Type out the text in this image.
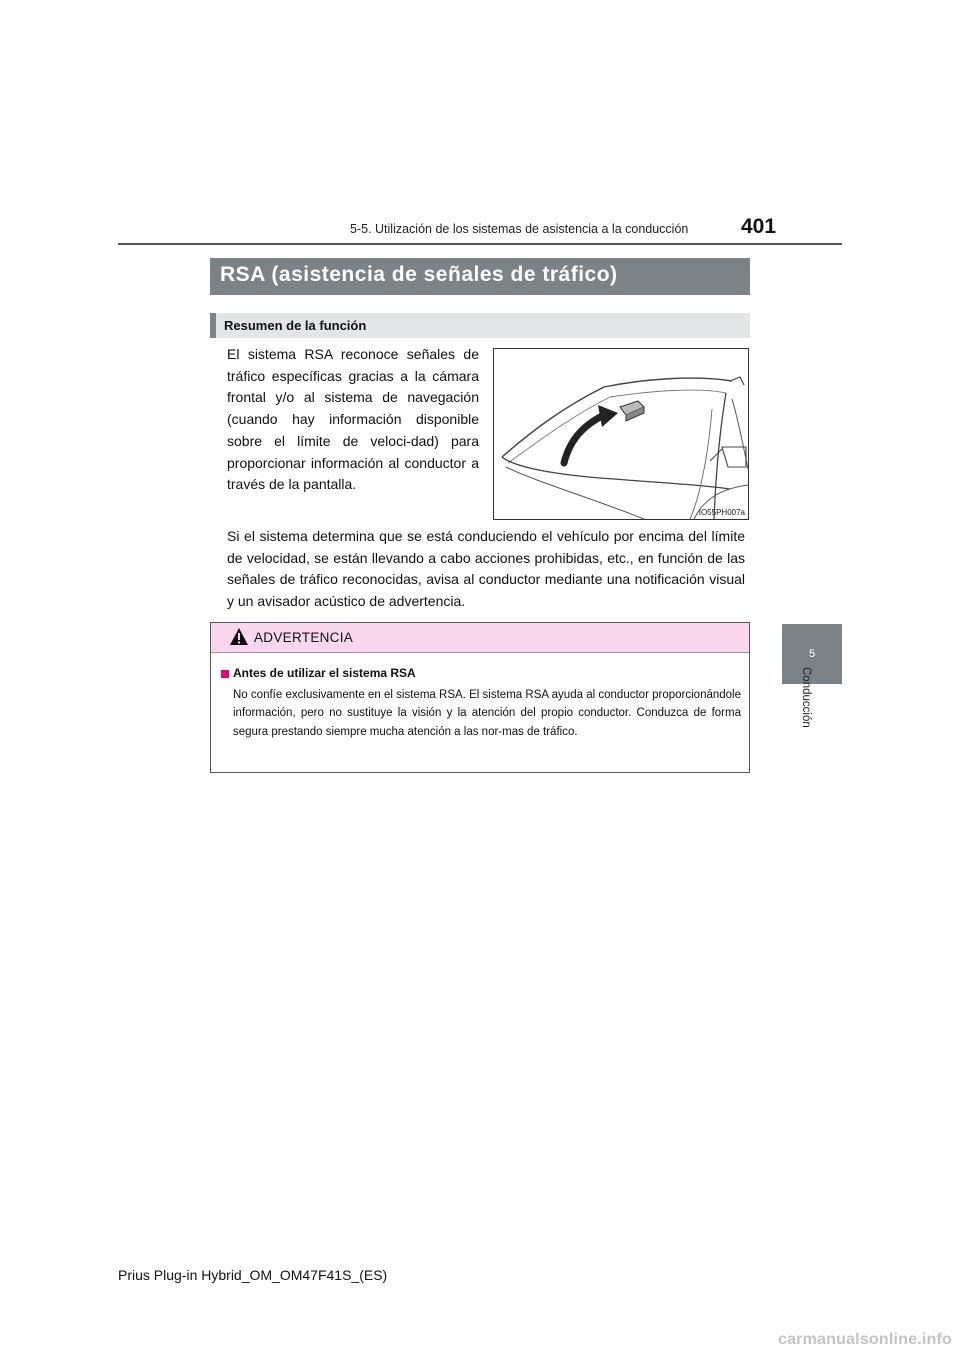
5-5. Utilización de los sistemas de asistencia a la conducción	401
5
Conducción
RSA (asistencia de señales de tráfico)
Resumen de la función
El sistema RSA reconoce señales de tráfico específicas gracias a la cámara frontal y/o al sistema de navegación (cuando hay información disponible sobre el límite de veloci-dad) para proporcionar información al conductor a través de la pantalla.
IO55PH007a
Si el sistema determina que se está conduciendo el vehículo por encima del límite de velocidad, se están llevando a cabo acciones prohibidas, etc., en función de las señales de tráfico reconocidas, avisa al conductor mediante una notificación visual y un avisador acústico de advertencia.
ADVERTENCIA
Antes de utilizar el sistema RSA
No confíe exclusivamente en el sistema RSA. El sistema RSA ayuda al conductor proporcionándole información, pero no sustituye la visión y la atención del propio conductor. Conduzca de forma segura prestando siempre mucha atención a las nor-mas de tráfico.
Prius Plug-in Hybrid_OM_OM47F41S_(ES)
carmanualsonline.info
